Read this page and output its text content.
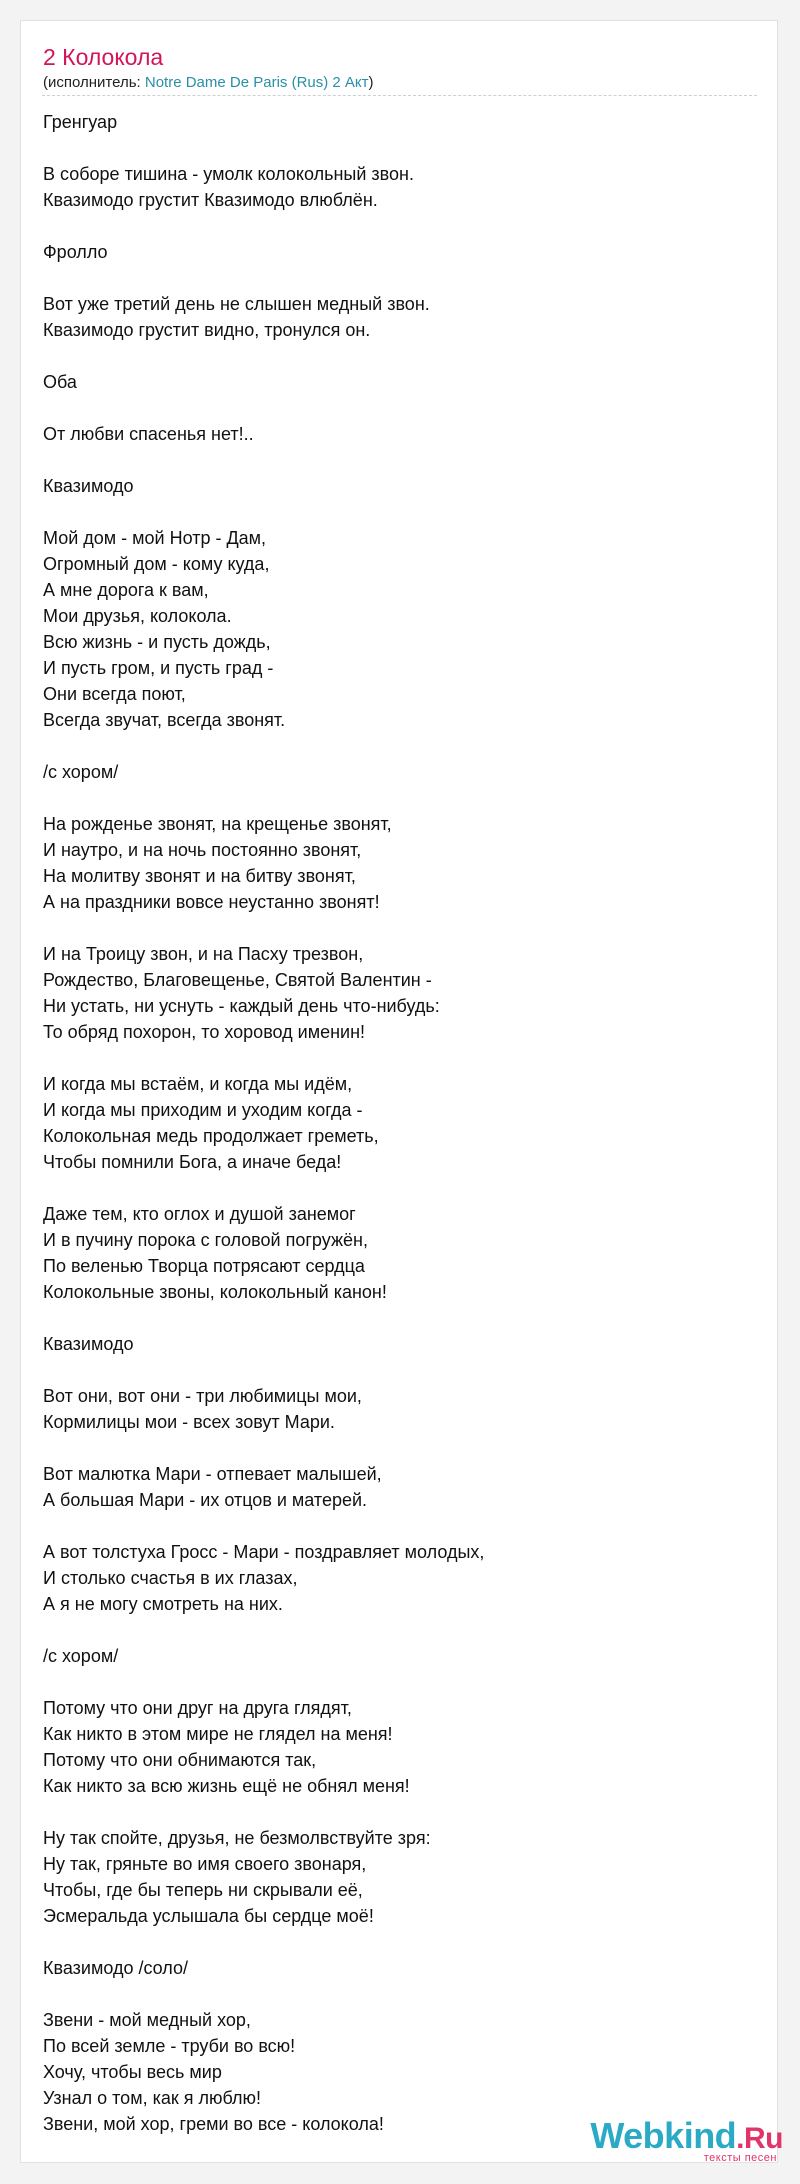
2 Колокола
(исполнитель: Notre Dame De Paris (Rus) 2 Акт)
Гренгуар
В соборе тишина - умолк колокольный звон.
Квазимодо грустит Квазимодо влюблён.
Фролло
Вот уже третий день не слышен медный звон.
Квазимодо грустит видно, тронулся он.
Оба
От любви спасенья нет!..
Квазимодо
Мой дом - мой Нотр - Дам,
Огромный дом - кому куда,
А мне дорога к вам,
Мои друзья, колокола.
Всю жизнь - и пусть дождь,
И пусть гром, и пусть град -
Они всегда поют,
Всегда звучат, всегда звонят.
/с хором/
На рожденье звонят, на крещенье звонят,
И наутро, и на ночь постоянно звонят,
На молитву звонят и на битву звонят,
А на праздники вовсе неустанно звонят!
И на Троицу звон, и на Пасху трезвон,
Рождество, Благовещенье, Святой Валентин -
Ни устать, ни уснуть - каждый день что-нибудь:
То обряд похорон, то хоровод именин!
И когда мы встаём, и когда мы идём,
И когда мы приходим и уходим когда -
Колокольная медь продолжает греметь,
Чтобы помнили Бога, а иначе беда!
Даже тем, кто оглох и душой занемог
И в пучину порока с головой погружён,
По веленью Творца потрясают сердца
Колокольные звоны, колокольный канон!
Квазимодо
Вот они, вот они - три любимицы мои,
Кормилицы мои - всех зовут Мари.
Вот малютка Мари - отпевает малышей,
А большая Мари - их отцов и матерей.
А вот толстуха Гросс - Мари - поздравляет молодых,
И столько счастья в их глазах,
А я не могу смотреть на них.
/с хором/
Потому что они друг на друга глядят,
Как никто в этом мире не глядел на меня!
Потому что они обнимаются так,
Как никто за всю жизнь ещё не обнял меня!
Ну так спойте, друзья, не безмолвствуйте зря:
Ну так, гряньте во имя своего звонаря,
Чтобы, где бы теперь ни скрывали её,
Эсмеральда услышала бы сердце моё!
Квазимодо /соло/
Звени - мой медный хор,
По всей земле - труби во всю!
Хочу, чтобы весь мир
Узнал о том, как я люблю!
Звени, мой хор, греми во все - колокола!	Webkind.Ru
тексты песен
